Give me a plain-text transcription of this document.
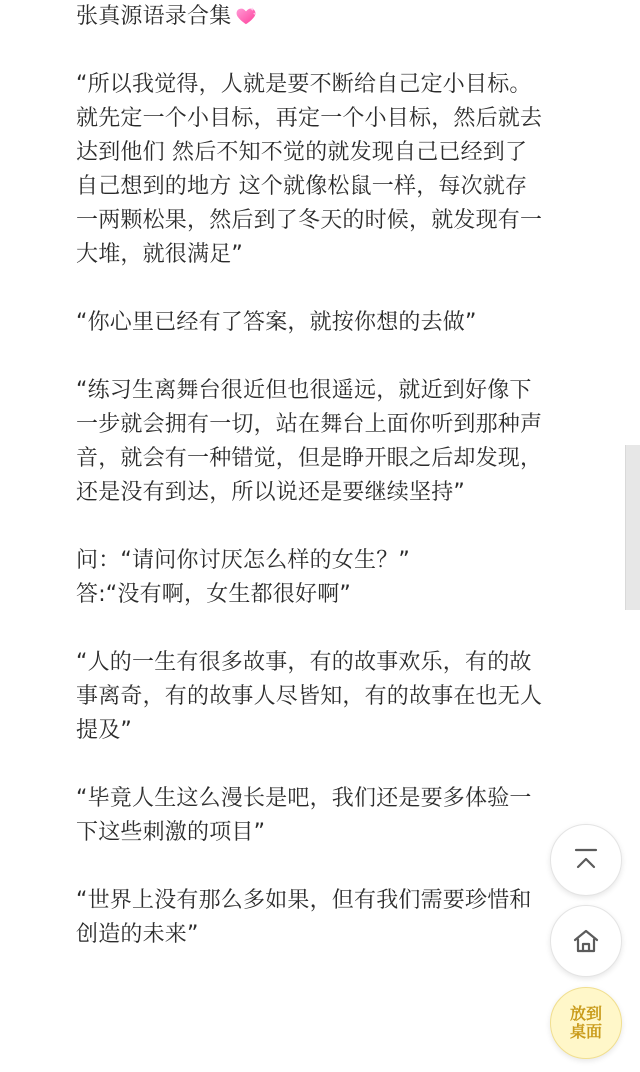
张真源语录合集
“所以我觉得，人就是要不断给自己定小目标。
就先定一个小目标，再定一个小目标，然后就去
达到他们 然后不知不觉的就发现自己已经到了
自己想到的地方 这个就像松鼠一样，每次就存
一两颗松果，然后到了冬天的时候，就发现有一
大堆，就很满足”
“你心里已经有了答案，就按你想的去做”
“练习生离舞台很近但也很遥远，就近到好像下
一步就会拥有一切，站在舞台上面你听到那种声
音，就会有一种错觉，但是睁开眼之后却发现，
还是没有到达，所以说还是要继续坚持”
问：“请问你讨厌怎么样的女生？”
答:“没有啊，女生都很好啊”
“人的一生有很多故事，有的故事欢乐，有的故
事离奇，有的故事人尽皆知，有的故事在也无人
提及”
“毕竟人生这么漫长是吧，我们还是要多体验一
下这些刺激的项目”
“世界上没有那么多如果，但有我们需要珍惜和
创造的未来”
放到
桌面
